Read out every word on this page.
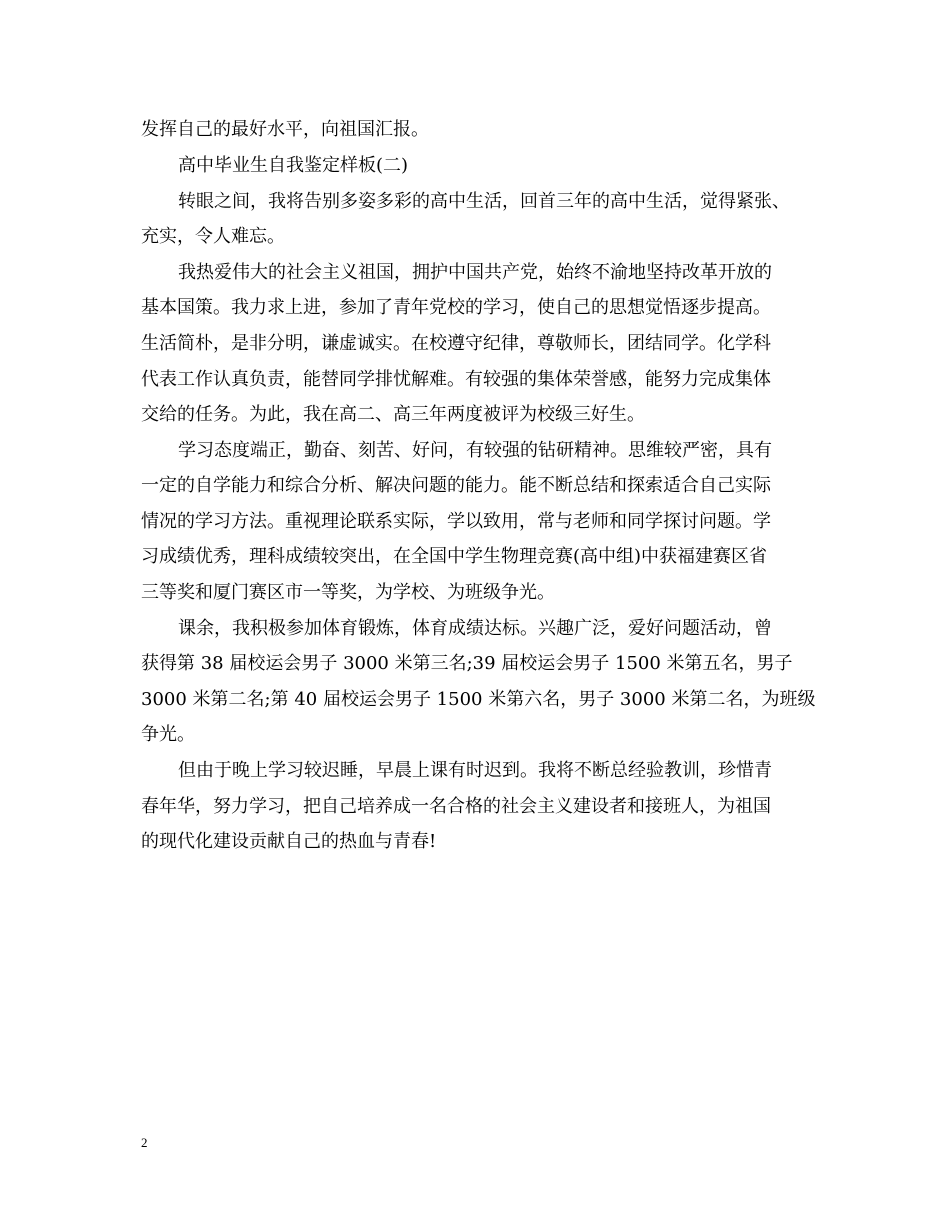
发挥自己的最好水平，向祖国汇报。
高中毕业生自我鉴定样板(二)
转眼之间，我将告别多姿多彩的高中生活，回首三年的高中生活，觉得紧张、
充实，令人难忘。
我热爱伟大的社会主义祖国，拥护中国共产党，始终不渝地坚持改革开放的
基本国策。我力求上进，参加了青年党校的学习，使自己的思想觉悟逐步提高。
生活简朴，是非分明，谦虚诚实。在校遵守纪律，尊敬师长，团结同学。化学科
代表工作认真负责，能替同学排忧解难。有较强的集体荣誉感，能努力完成集体
交给的任务。为此，我在高二、高三年两度被评为校级三好生。
学习态度端正，勤奋、刻苦、好问，有较强的钻研精神。思维较严密，具有
一定的自学能力和综合分析、解决问题的能力。能不断总结和探索适合自己实际
情况的学习方法。重视理论联系实际，学以致用，常与老师和同学探讨问题。学
习成绩优秀，理科成绩较突出，在全国中学生物理竞赛(高中组)中获福建赛区省
三等奖和厦门赛区市一等奖，为学校、为班级争光。
课余，我积极参加体育锻炼，体育成绩达标。兴趣广泛，爱好问题活动，曾
获得第 38 届校运会男子 3000 米第三名;39 届校运会男子 1500 米第五名，男子
3000 米第二名;第 40 届校运会男子 1500 米第六名，男子 3000 米第二名，为班级
争光。
但由于晚上学习较迟睡，早晨上课有时迟到。我将不断总经验教训，珍惜青
春年华，努力学习，把自己培养成一名合格的社会主义建设者和接班人，为祖国
的现代化建设贡献自己的热血与青春!
2
